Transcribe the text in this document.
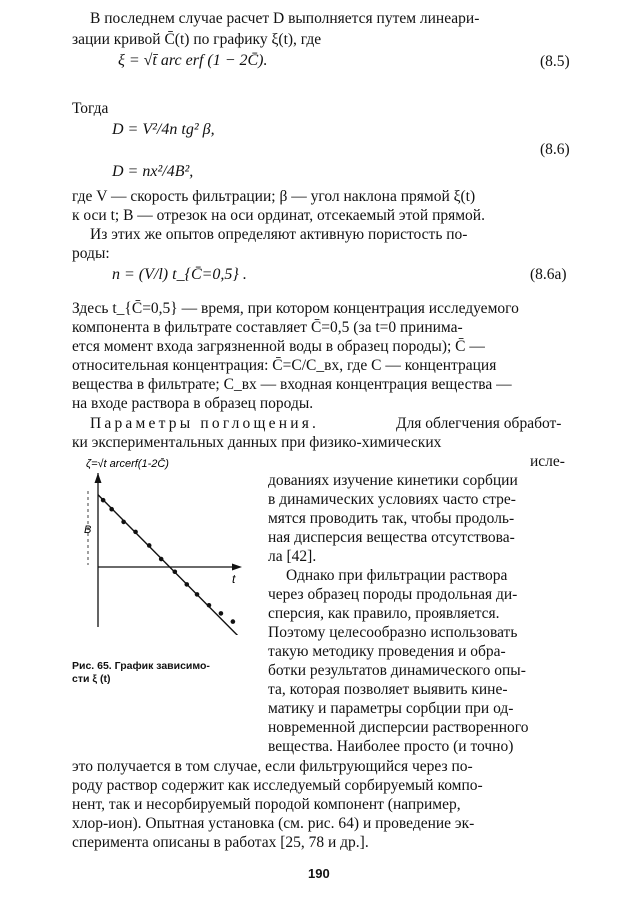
В последнем случае расчет D выполняется путем линеари-
зации кривой C̄(t) по графику ξ(t), где
ξ = √t̄ arc erf (1 − 2C̄).	(8.5)
Тогда
D = V²/4n tg² β,
(8.6)
D = nx²/4B²,
где V — скорость фильтрации; β — угол наклона прямой ξ(t)
к оси t; B — отрезок на оси ординат, отсекаемый этой прямой.
Из этих же опытов определяют активную пористость по-
роды:
n = (V/l) t_{C̄=0,5} .	(8.6a)
Здесь t_{C̄=0,5} — время, при котором концентрация исследуемого
компонента в фильтрате составляет C̄=0,5 (за t=0 принима-
ется момент входа загрязненной воды в образец породы); C̄ —
относительная концентрация: C̄=C/C_вх, где C — концентрация
вещества в фильтрате; C_вх — входная концентрация вещества —
на входе раствора в образец породы.
Параметры поглощения.	Для облегчения обработ-
ки экспериментальных данных при физико-химических
исле-
дованиях изучение кинетики сорбции
в динамических условиях часто стре-
мятся проводить так, чтобы продоль-
ная дисперсия вещества отсутствова-
ла [42].
Однако при фильтрации раствора
через образец породы продольная ди-
сперсия, как правило, проявляется.
Поэтому целесообразно использовать
такую методику проведения и обра-
ботки результатов динамического опы-
та, которая позволяет выявить кине-
матику и параметры сорбции при од-
новременной дисперсии растворенного
вещества. Наиболее просто (и точно)
это получается в том случае, если фильтрующийся через по-
роду раствор содержит как исследуемый сорбируемый компо-
нент, так и несорбируемый породой компонент (например,
хлор-ион). Опытная установка (см. рис. 64) и проведение эк-
спериментa описаны в работах [25, 78 и др.].
ζ=√t arcerf(1-2C̄)
t
B
Рис. 65. График зависимо-
сти ξ (t)
190
